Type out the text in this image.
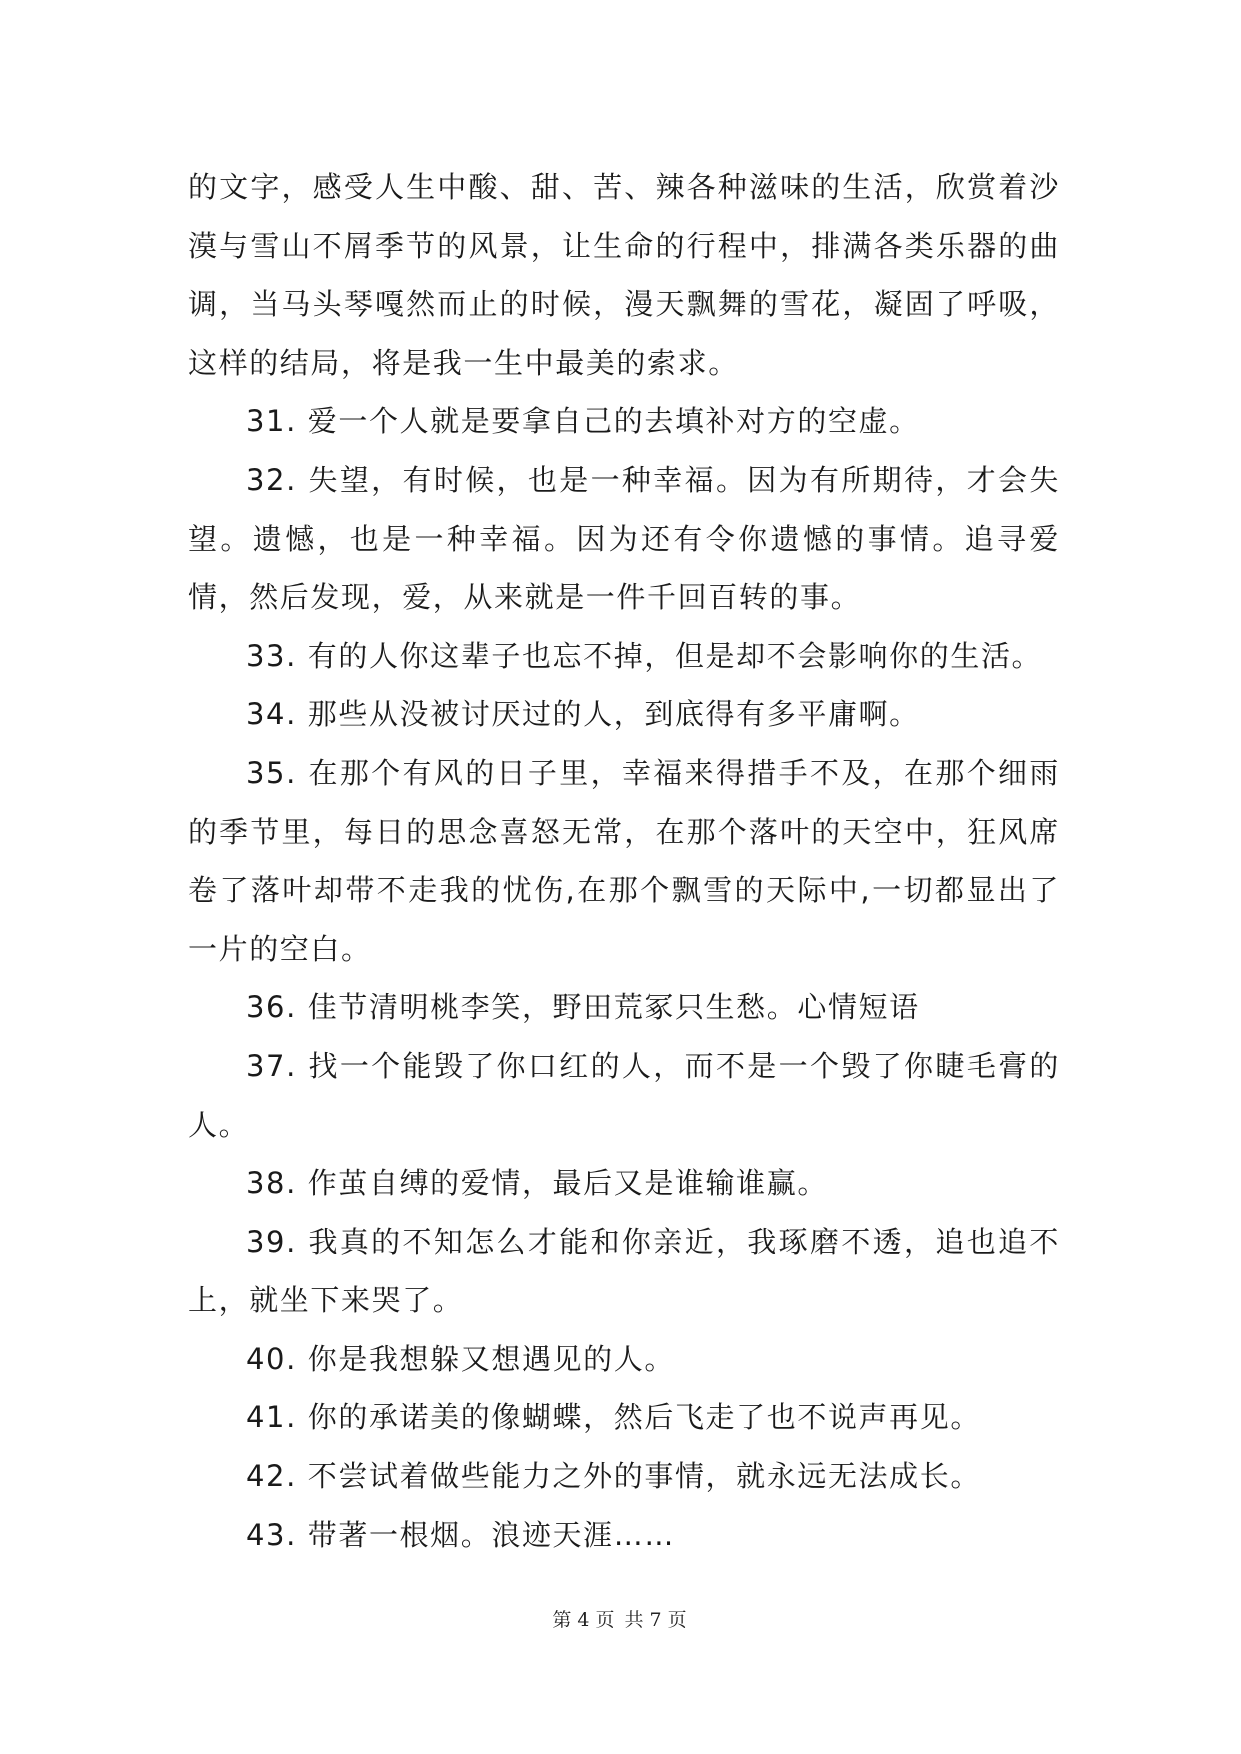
的文字，感受人生中酸、甜、苦、辣各种滋味的生活，欣赏着沙漠与雪山不屑季节的风景，让生命的行程中，排满各类乐器的曲调，当马头琴嘎然而止的时候，漫天飘舞的雪花，凝固了呼吸，这样的结局，将是我一生中最美的索求。

31. 爱一个人就是要拿自己的去填补对方的空虚。

32. 失望，有时候，也是一种幸福。因为有所期待，才会失望。遗憾，也是一种幸福。因为还有令你遗憾的事情。追寻爱情，然后发现，爱，从来就是一件千回百转的事。

33. 有的人你这辈子也忘不掉，但是却不会影响你的生活。

34. 那些从没被讨厌过的人，到底得有多平庸啊。

35. 在那个有风的日子里，幸福来得措手不及，在那个细雨的季节里，每日的思念喜怒无常，在那个落叶的天空中，狂风席卷了落叶却带不走我的忧伤,在那个飘雪的天际中,一切都显出了一片的空白。

36. 佳节清明桃李笑，野田荒冢只生愁。心情短语

37. 找一个能毁了你口红的人，而不是一个毁了你睫毛膏的人。

38. 作茧自缚的爱情，最后又是谁输谁赢。

39. 我真的不知怎么才能和你亲近，我琢磨不透，追也追不上，就坐下来哭了。

40. 你是我想躲又想遇见的人。

41. 你的承诺美的像蝴蝶，然后飞走了也不说声再见。

42. 不尝试着做些能力之外的事情，就永远无法成长。

43. 带著一根烟。浪迹天涯……

第 4 页 共 7 页
